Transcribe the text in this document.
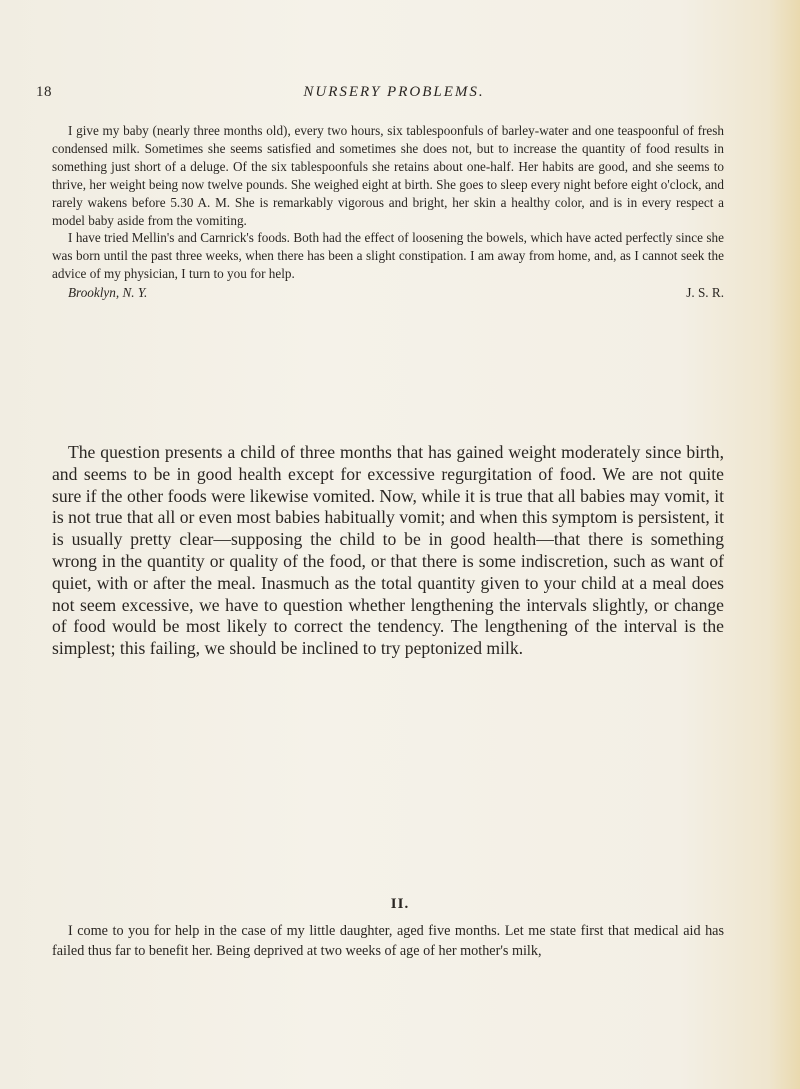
18	NURSERY PROBLEMS.

I give my baby (nearly three months old), every two hours, six tablespoonfuls of barley-water and one teaspoonful of fresh condensed milk. Sometimes she seems satisfied and sometimes she does not, but to increase the quantity of food results in something just short of a deluge. Of the six tablespoonfuls she retains about one-half. Her habits are good, and she seems to thrive, her weight being now twelve pounds. She weighed eight at birth. She goes to sleep every night before eight o'clock, and rarely wakens before 5.30 A. M. She is remarkably vigorous and bright, her skin a healthy color, and is in every respect a model baby aside from the vomiting.

I have tried Mellin's and Carnrick's foods. Both had the effect of loosening the bowels, which have acted perfectly since she was born until the past three weeks, when there has been a slight constipation. I am away from home, and, as I cannot seek the advice of my physician, I turn to you for help.

Brooklyn, N. Y.	J. S. R.

The question presents a child of three months that has gained weight moderately since birth, and seems to be in good health except for excessive regurgitation of food. We are not quite sure if the other foods were likewise vomited. Now, while it is true that all babies may vomit, it is not true that all or even most babies habitually vomit; and when this symptom is persistent, it is usually pretty clear—supposing the child to be in good health—that there is something wrong in the quantity or quality of the food, or that there is some indiscretion, such as want of quiet, with or after the meal. Inasmuch as the total quantity given to your child at a meal does not seem excessive, we have to question whether lengthening the intervals slightly, or change of food would be most likely to correct the tendency. The lengthening of the interval is the simplest; this failing, we should be inclined to try peptonized milk.

II.

I come to you for help in the case of my little daughter, aged five months. Let me state first that medical aid has failed thus far to benefit her. Being deprived at two weeks of age of her mother's milk,
